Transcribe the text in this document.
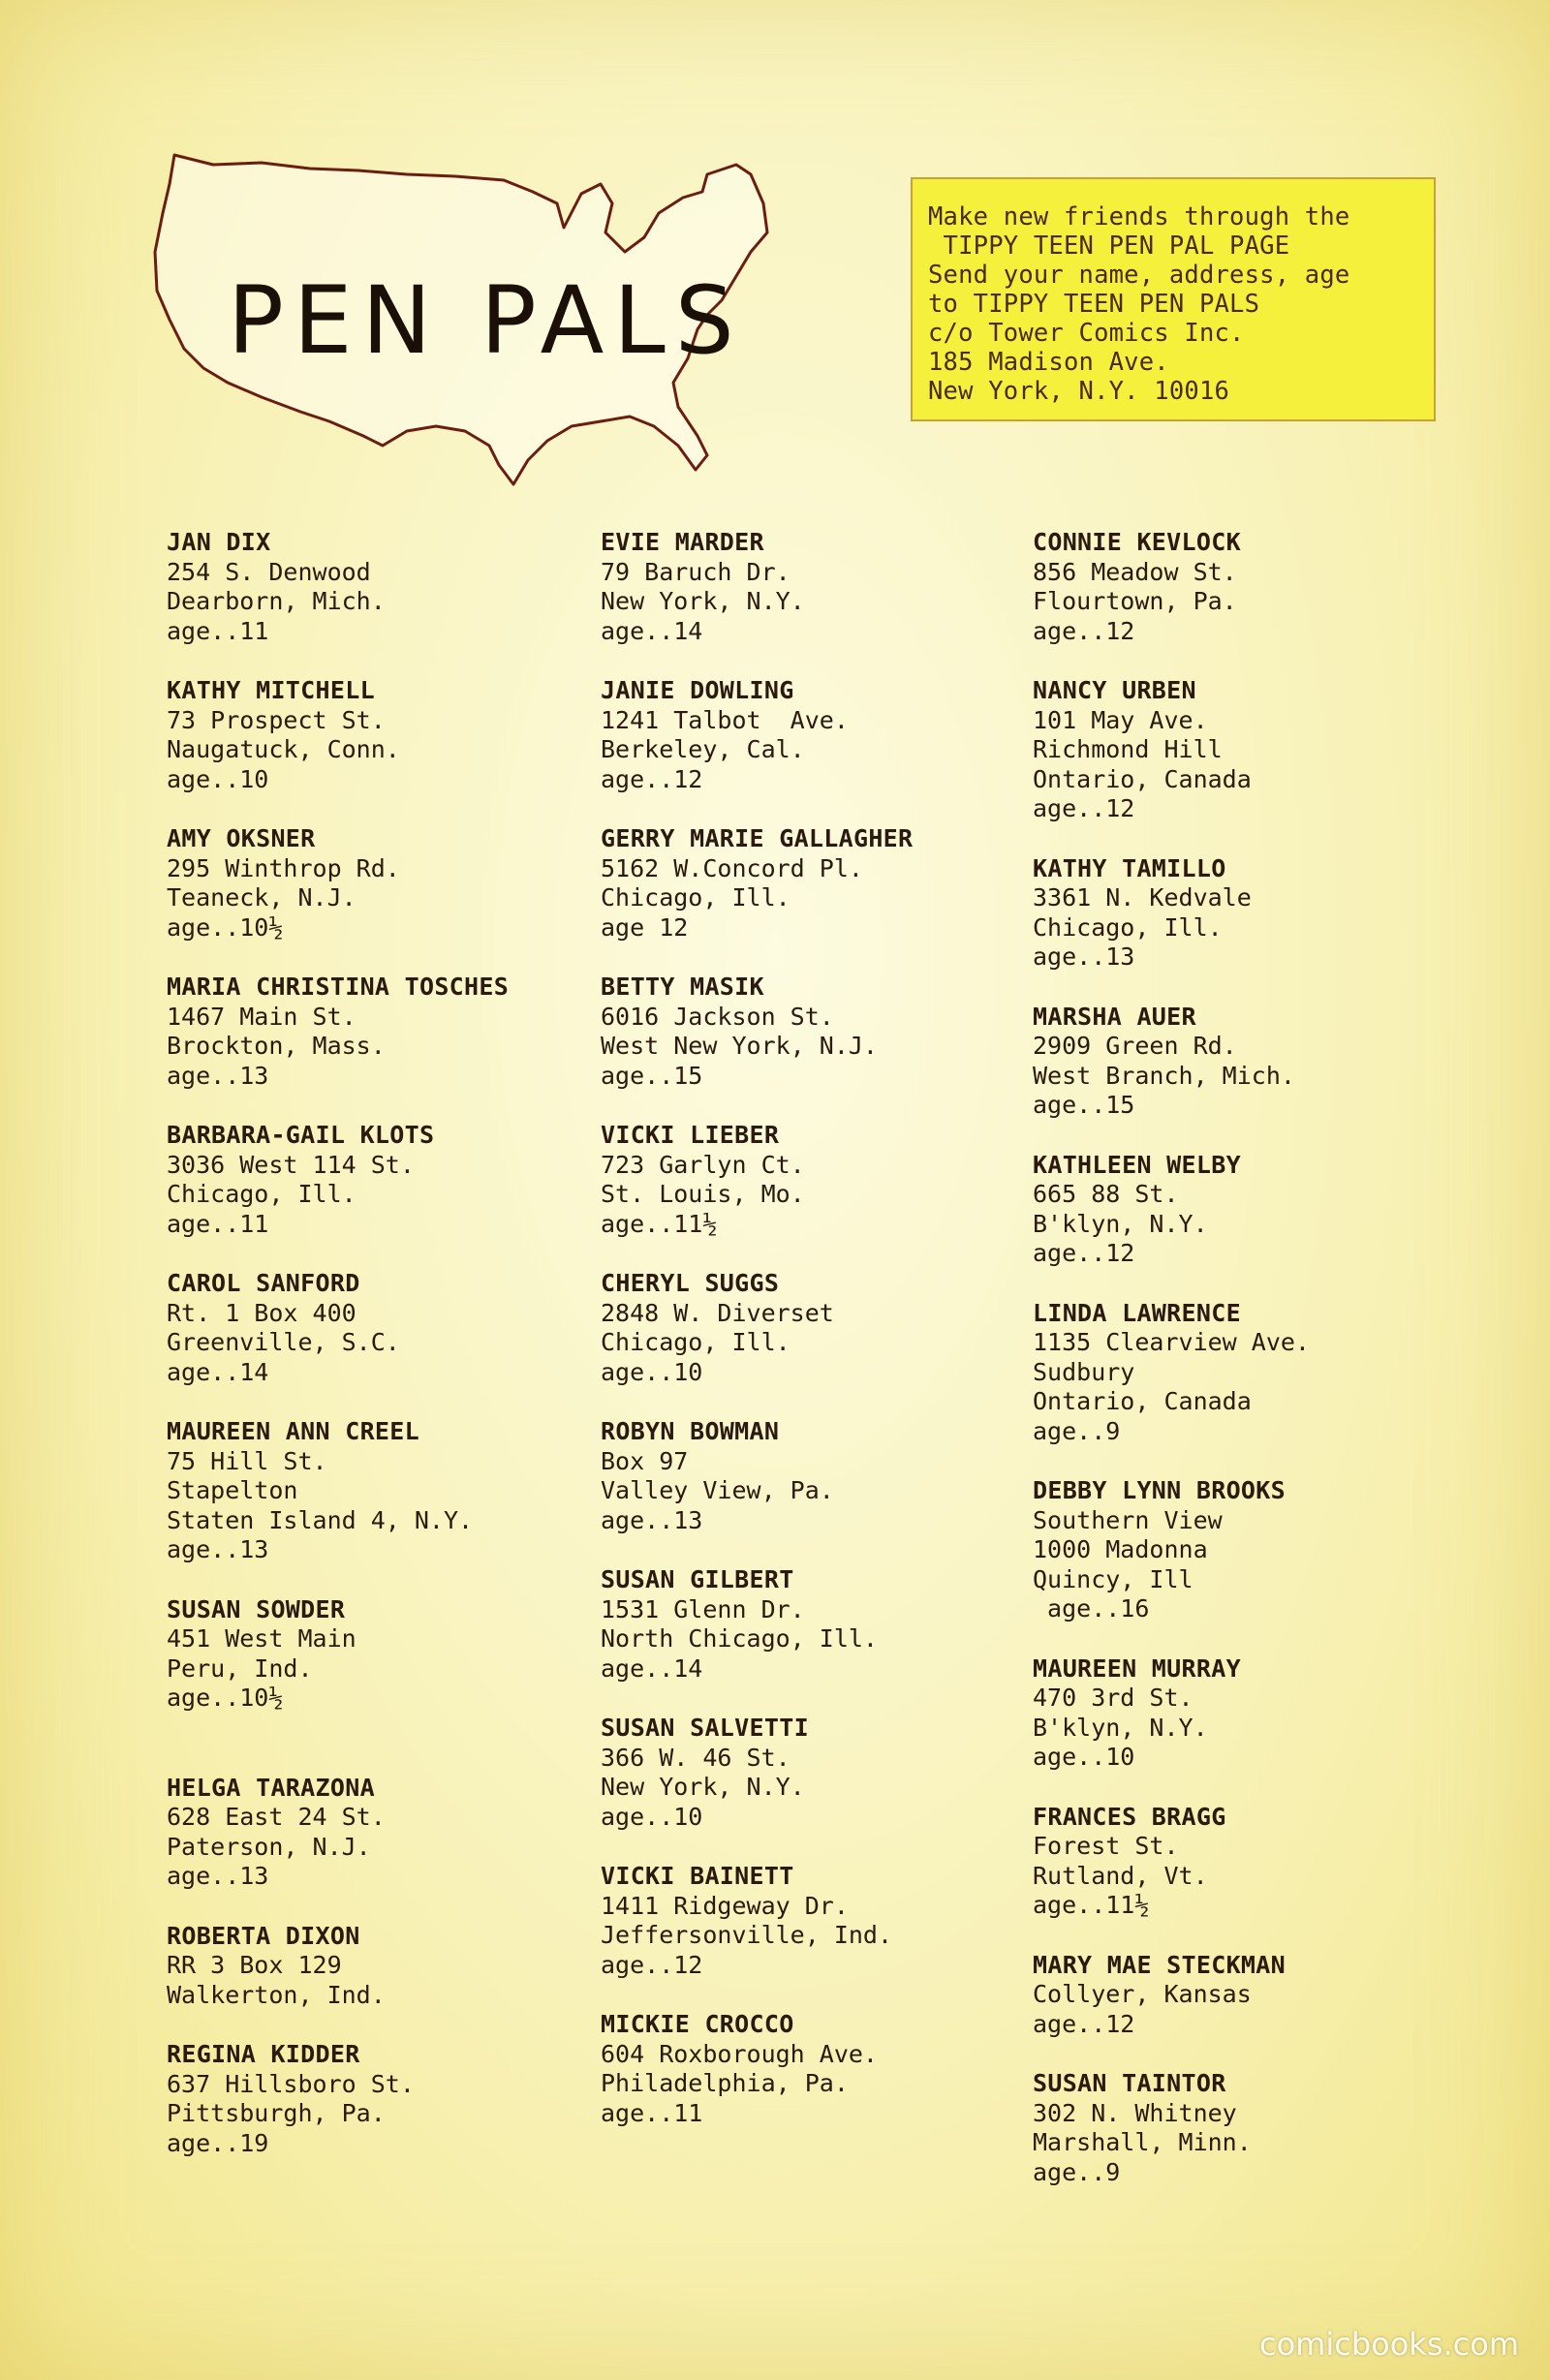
PEN PALS
Make new friends through the
TIPPY TEEN PEN PAL PAGE
Send your name, address, age
to TIPPY TEEN PEN PALS
c/o Tower Comics Inc.
185 Madison Ave.
New York, N.Y. 10016
JAN DIX
254 S. Denwood
Dearborn, Mich.
age..11
KATHY MITCHELL
73 Prospect St.
Naugatuck, Conn.
age..10
AMY OKSNER
295 Winthrop Rd.
Teaneck, N.J.
age..10½
MARIA CHRISTINA TOSCHES
1467 Main St.
Brockton, Mass.
age..13
BARBARA-GAIL KLOTS
3036 West 114 St.
Chicago, Ill.
age..11
CAROL SANFORD
Rt. 1 Box 400
Greenville, S.C.
age..14
MAUREEN ANN CREEL
75 Hill St.
Stapelton
Staten Island 4, N.Y.
age..13
SUSAN SOWDER
451 West Main
Peru, Ind.
age..10½
HELGA TARAZONA
628 East 24 St.
Paterson, N.J.
age..13
ROBERTA DIXON
RR 3 Box 129
Walkerton, Ind.
REGINA KIDDER
637 Hillsboro St.
Pittsburgh, Pa.
age..19
EVIE MARDER
79 Baruch Dr.
New York, N.Y.
age..14
JANIE DOWLING
1241 Talbot  Ave.
Berkeley, Cal.
age..12
GERRY MARIE GALLAGHER
5162 W.Concord Pl.
Chicago, Ill.
age 12
BETTY MASIK
6016 Jackson St.
West New York, N.J.
age..15
VICKI LIEBER
723 Garlyn Ct.
St. Louis, Mo.
age..11½
CHERYL SUGGS
2848 W. Diverset
Chicago, Ill.
age..10
ROBYN BOWMAN
Box 97
Valley View, Pa.
age..13
SUSAN GILBERT
1531 Glenn Dr.
North Chicago, Ill.
age..14
SUSAN SALVETTI
366 W. 46 St.
New York, N.Y.
age..10
VICKI BAINETT
1411 Ridgeway Dr.
Jeffersonville, Ind.
age..12
MICKIE CROCCO
604 Roxborough Ave.
Philadelphia, Pa.
age..11
CONNIE KEVLOCK
856 Meadow St.
Flourtown, Pa.
age..12
NANCY URBEN
101 May Ave.
Richmond Hill
Ontario, Canada
age..12
KATHY TAMILLO
3361 N. Kedvale
Chicago, Ill.
age..13
MARSHA AUER
2909 Green Rd.
West Branch, Mich.
age..15
KATHLEEN WELBY
665 88 St.
B'klyn, N.Y.
age..12
LINDA LAWRENCE
1135 Clearview Ave.
Sudbury
Ontario, Canada
age..9
DEBBY LYNN BROOKS
Southern View
1000 Madonna
Quincy, Ill
age..16
MAUREEN MURRAY
470 3rd St.
B'klyn, N.Y.
age..10
FRANCES BRAGG
Forest St.
Rutland, Vt.
age..11½
MARY MAE STECKMAN
Collyer, Kansas
age..12
SUSAN TAINTOR
302 N. Whitney
Marshall, Minn.
age..9
comicbooks.com
